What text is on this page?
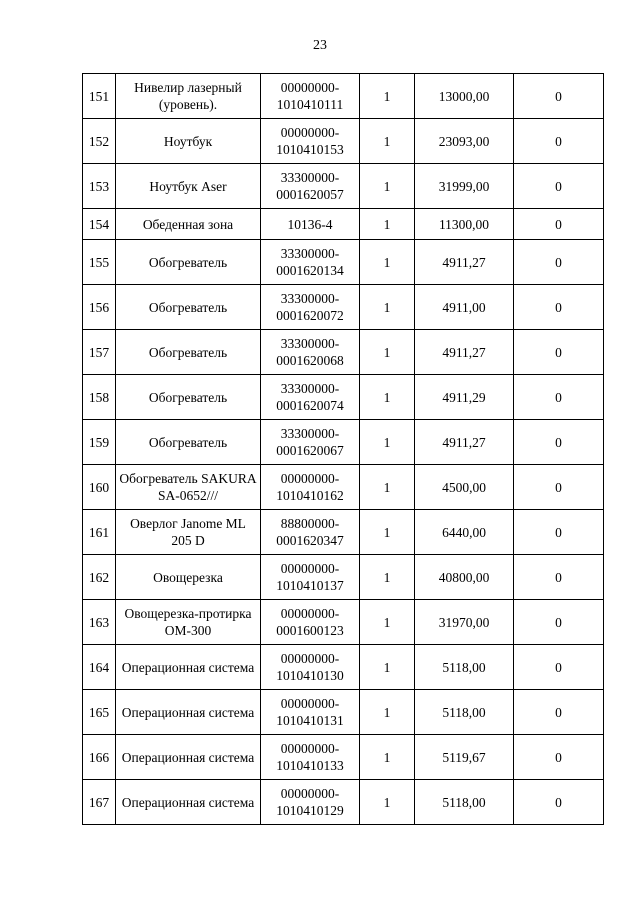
23
151	Нивелир лазерный (уровень).	00000000-1010410111	1	13000,00	0
152	Ноутбук	00000000-1010410153	1	23093,00	0
153	Ноутбук Aser	33300000-0001620057	1	31999,00	0
154	Обеденная зона	10136-4	1	11300,00	0
155	Обогреватель	33300000-0001620134	1	4911,27	0
156	Обогреватель	33300000-0001620072	1	4911,00	0
157	Обогреватель	33300000-0001620068	1	4911,27	0
158	Обогреватель	33300000-0001620074	1	4911,29	0
159	Обогреватель	33300000-0001620067	1	4911,27	0
160	Обогреватель SAKURA SA-0652///	00000000-1010410162	1	4500,00	0
161	Оверлог Janome ML 205 D	88800000-0001620347	1	6440,00	0
162	Овощерезка	00000000-1010410137	1	40800,00	0
163	Овощерезка-протирка ОМ-300	00000000-0001600123	1	31970,00	0
164	Операционная система	00000000-1010410130	1	5118,00	0
165	Операционная система	00000000-1010410131	1	5118,00	0
166	Операционная система	00000000-1010410133	1	5119,67	0
167	Операционная система	00000000-1010410129	1	5118,00	0
